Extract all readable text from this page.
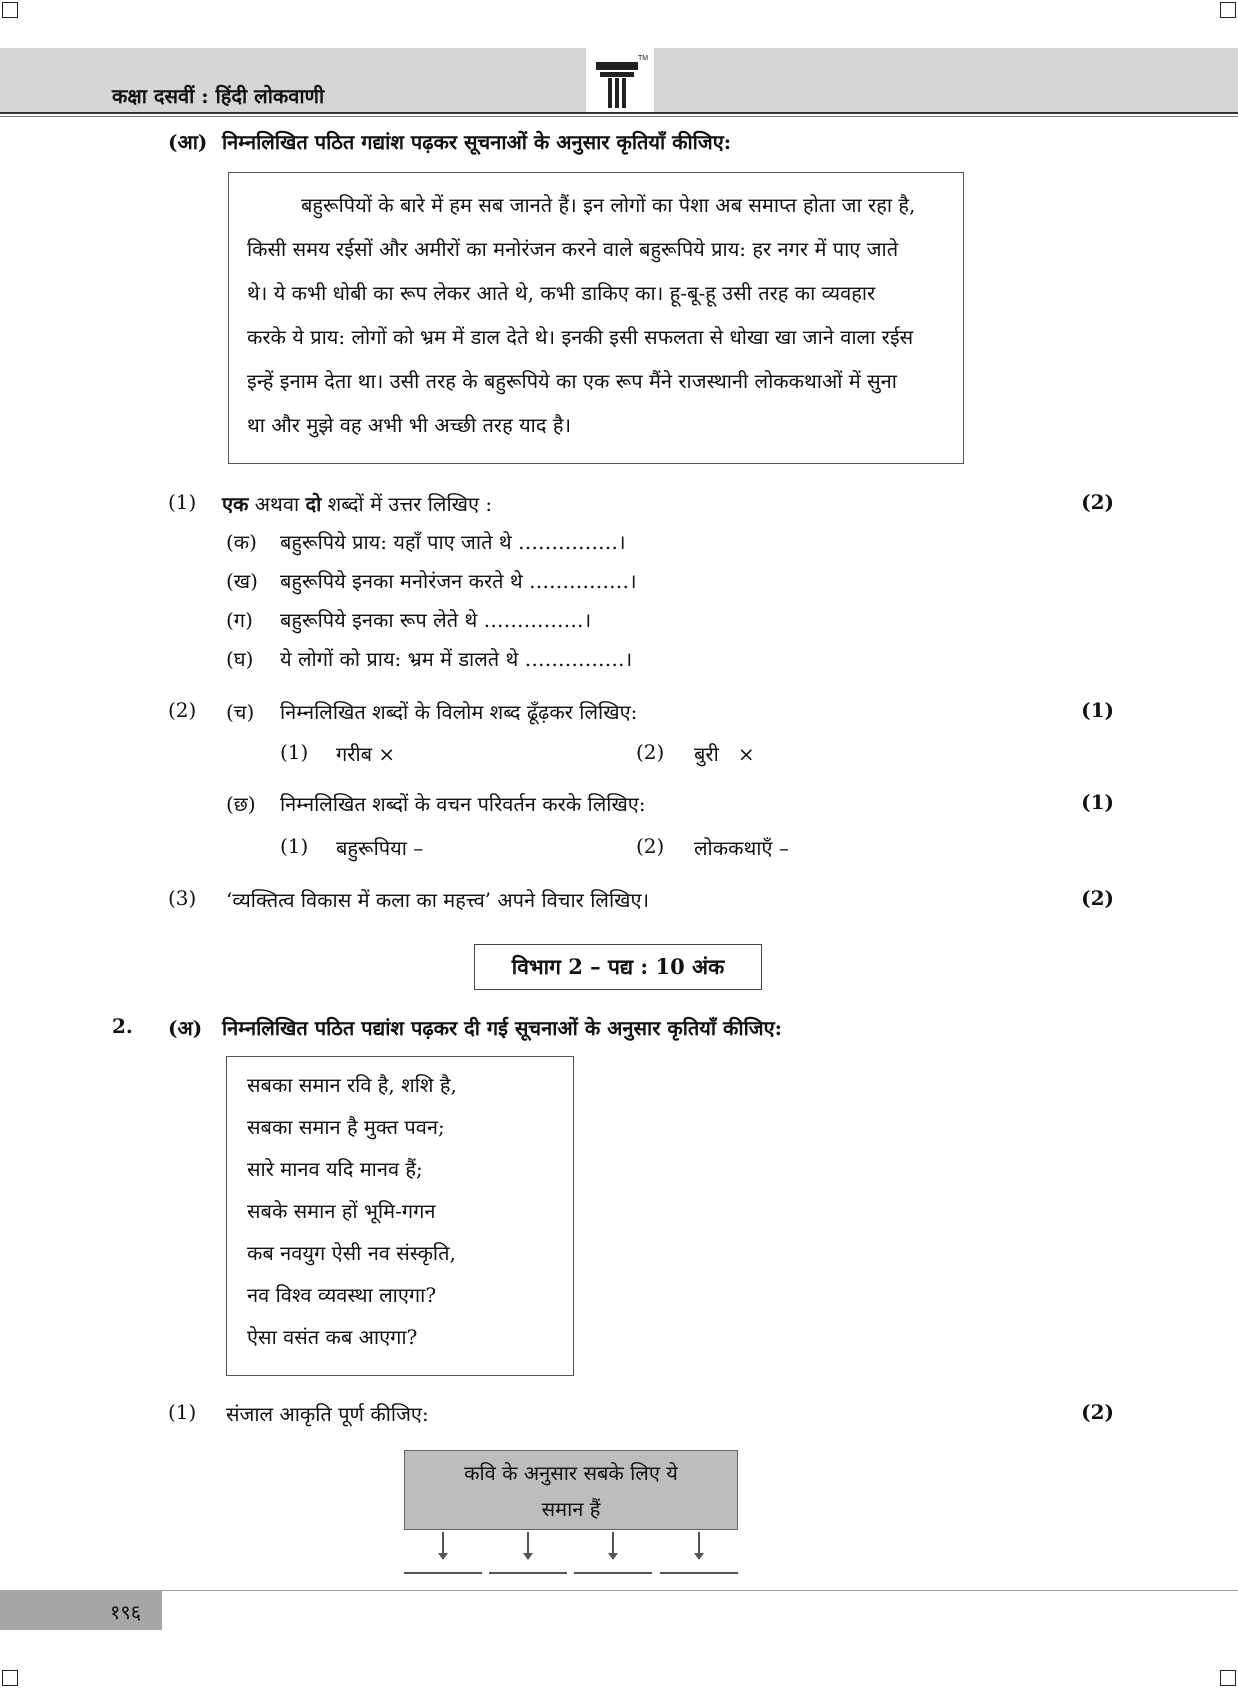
कक्षा दसवीं : हिंदी लोकवाणी
TM
(आ) निम्नलिखित पठित गद्यांश पढ़कर सूचनाओं के अनुसार कृतियाँ कीजिए:
बहुरूपियों के बारे में हम सब जानते हैं। इन लोगों का पेशा अब समाप्त होता जा रहा है,
किसी समय रईसों और अमीरों का मनोरंजन करने वाले बहुरूपिये प्राय: हर नगर में पाए जाते
थे। ये कभी धोबी का रूप लेकर आते थे, कभी डाकिए का। हू-बू-हू उसी तरह का व्यवहार
करके ये प्राय: लोगों को भ्रम में डाल देते थे। इनकी इसी सफलता से धोखा खा जाने वाला रईस
इन्हें इनाम देता था। उसी तरह के बहुरूपिये का एक रूप मैंने राजस्थानी लोककथाओं में सुना
था और मुझे वह अभी भी अच्छी तरह याद है।
(1) एक अथवा दो शब्दों में उत्तर लिखिए :	(2)
(क) बहुरूपिये प्राय: यहाँ पाए जाते थे ……………।
(ख) बहुरूपिये इनका मनोरंजन करते थे ……………।
(ग) बहुरूपिये इनका रूप लेते थे ……………।
(घ) ये लोगों को प्राय: भ्रम में डालते थे ……………।
(2) (च) निम्नलिखित शब्दों के विलोम शब्द ढूँढ़कर लिखिए:	(1)
(1) गरीब ×	(2) बुरी   ×
(छ) निम्नलिखित शब्दों के वचन परिवर्तन करके लिखिए:	(1)
(1) बहुरूपिया –	(2) लोककथाएँ –
(3) ‘व्यक्तित्व विकास में कला का महत्त्व’ अपने विचार लिखिए।	(2)
विभाग 2 – पद्य : 10 अंक
2. (अ) निम्नलिखित पठित पद्यांश पढ़कर दी गई सूचनाओं के अनुसार कृतियाँ कीजिए:
सबका समान रवि है, शशि है,
सबका समान है मुक्त पवन;
सारे मानव यदि मानव हैं;
सबके समान हों भूमि-गगन
कब नवयुग ऐसी नव संस्कृति,
नव विश्व व्यवस्था लाएगा?
ऐसा वसंत कब आएगा?
(1) संजाल आकृति पूर्ण कीजिए:	(2)
कवि के अनुसार सबके लिए ये
समान हैं
१९६
